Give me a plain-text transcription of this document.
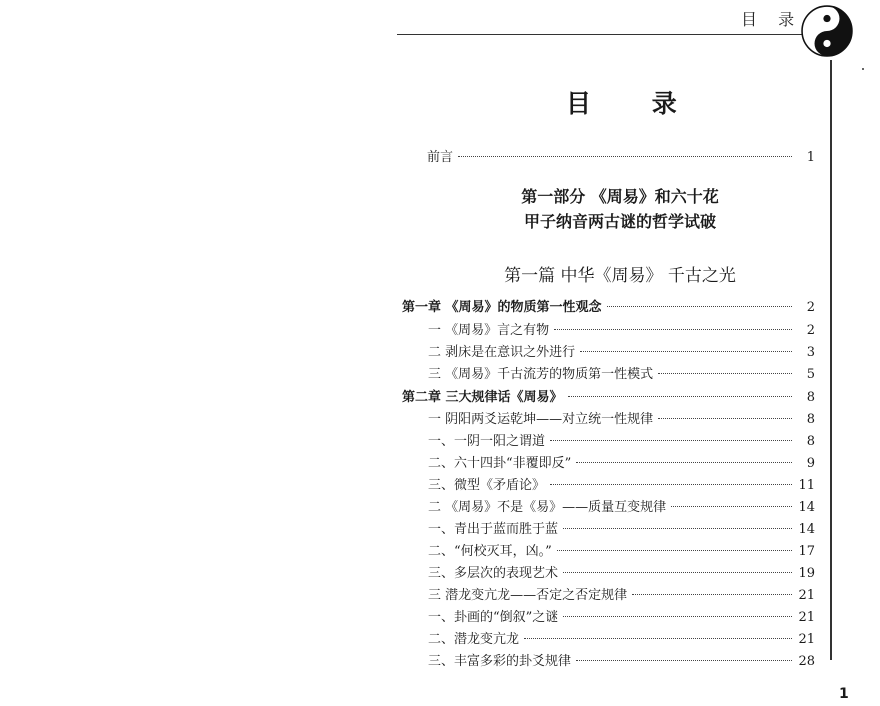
目 录
目 录
第一部分 《周易》和六十花
甲子纳音两古谜的哲学试破
第一篇 中华《周易》 千古之光
前言	1
第一章 《周易》的物质第一性观念	2
一 《周易》言之有物	2
二 剥床是在意识之外进行	3
三 《周易》千古流芳的物质第一性模式	5
第二章 三大规律话《周易》	8
一 阴阳两爻运乾坤——对立统一性规律	8
一、一阴一阳之谓道	8
二、六十四卦“非覆即反”	9
三、微型《矛盾论》	11
二 《周易》不是《易》——质量互变规律	14
一、青出于蓝而胜于蓝	14
二、“何校灭耳，凶。”	17
三、多层次的表现艺术	19
三 潜龙变亢龙——否定之否定规律	21
一、卦画的“倒叙”之谜	21
二、潜龙变亢龙	21
三、丰富多彩的卦爻规律	28
1
